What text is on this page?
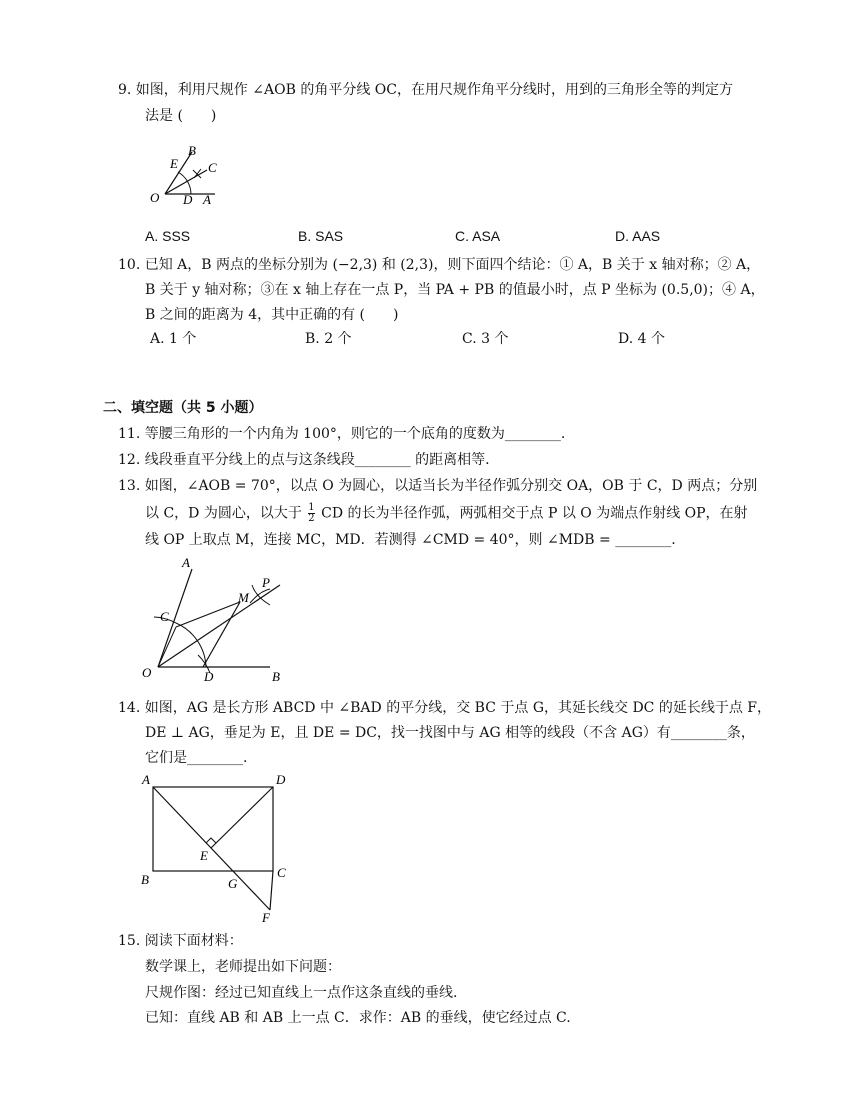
9. 如图，利用尺规作 ∠AOB 的角平分线 OC，在用尺规作角平分线时，用到的三角形全等的判定方
法是 (　　)
B
E C
O D A
A. SSS	B. SAS	C. ASA	D. AAS
10. 已知 A，B 两点的坐标分别为 (−2,3) 和 (2,3)，则下面四个结论：① A，B 关于 x 轴对称；② A，
B 关于 y 轴对称；③在 x 轴上存在一点 P，当 PA + PB 的值最小时，点 P 坐标为 (0.5,0)；④ A，
B 之间的距离为 4，其中正确的有 (　　)
A. 1 个	B. 2 个	C. 3 个	D. 4 个
二、填空题（共 5 小题）
11. 等腰三角形的一个内角为 100°，则它的一个底角的度数为________.
12. 线段垂直平分线上的点与这条线段________ 的距离相等.
13. 如图，∠AOB = 70°，以点 O 为圆心，以适当长为半径作弧分别交 OA，OB 于 C，D 两点；分别
以 C，D 为圆心，以大于 $\frac{1}{2}$ CD 的长为半径作弧，两弧相交于点 P 以 O 为端点作射线 OP，在射
线 OP 上取点 M，连接 MC，MD．若测得 ∠CMD = 40°，则 ∠MDB = ________.
A
P
M
C
O	D	B
14. 如图，AG 是长方形 ABCD 中 ∠BAD 的平分线，交 BC 于点 G，其延长线交 DC 的延长线于点 F，
DE ⊥ AG，垂足为 E，且 DE = DC，找一找图中与 AG 相等的线段（不含 AG）有________条，
它们是________.
A	D
E
B	G
C
F
15. 阅读下面材料：
数学课上，老师提出如下问题：
尺规作图：经过已知直线上一点作这条直线的垂线.
已知：直线 AB 和 AB 上一点 C．求作：AB 的垂线，使它经过点 C.
